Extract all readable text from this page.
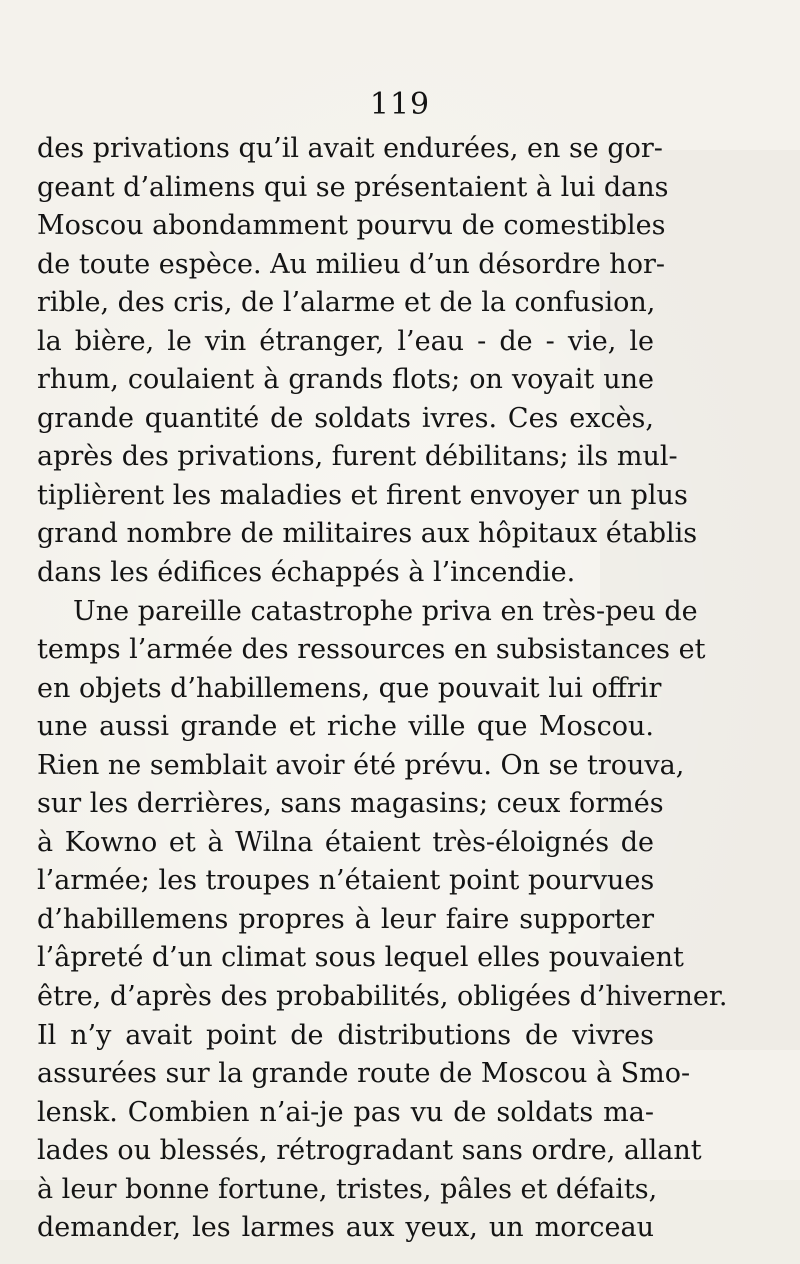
119
des privations qu’il avait endurées, en se gor-
geant d’alimens qui se présentaient à lui dans
Moscou abondamment pourvu de comestibles
de toute espèce. Au milieu d’un désordre hor-
rible, des cris, de l’alarme et de la confusion,
la bière, le vin étranger, l’eau - de - vie, le
rhum, coulaient à grands flots; on voyait une
grande quantité de soldats ivres. Ces excès,
après des privations, furent débilitans; ils mul-
tiplièrent les maladies et firent envoyer un plus
grand nombre de militaires aux hôpitaux établis
dans les édifices échappés à l’incendie.
Une pareille catastrophe priva en très-peu de
temps l’armée des ressources en subsistances et
en objets d’habillemens, que pouvait lui offrir
une aussi grande et riche ville que Moscou.
Rien ne semblait avoir été prévu. On se trouva,
sur les derrières, sans magasins; ceux formés
à Kowno et à Wilna étaient très-éloignés de
l’armée; les troupes n’étaient point pourvues
d’habillemens propres à leur faire supporter
l’âpreté d’un climat sous lequel elles pouvaient
être, d’après des probabilités, obligées d’hiverner.
Il n’y avait point de distributions de vivres
assurées sur la grande route de Moscou à Smo-
lensk. Combien n’ai-je pas vu de soldats ma-
lades ou blessés, rétrogradant sans ordre, allant
à leur bonne fortune, tristes, pâles et défaits,
demander, les larmes aux yeux, un morceau
